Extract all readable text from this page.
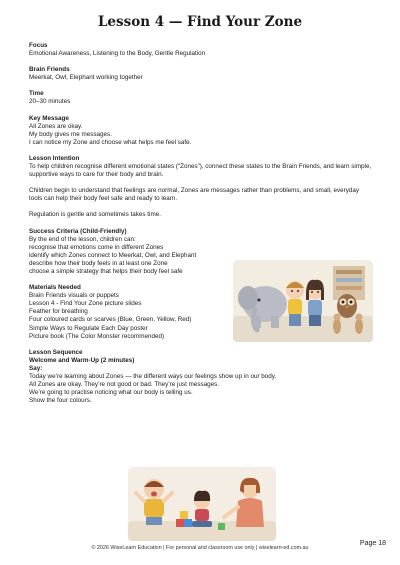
Lesson 4 — Find Your Zone
Focus
Emotional Awareness, Listening to the Body, Gentle Regulation
Brain Friends
Meerkat, Owl, Elephant working together
Time
20–30 minutes
Key Message
All Zones are okay.
My body gives me messages.
I can notice my Zone and choose what helps me feel safe.
Lesson Intention
To help children recognise different emotional states (“Zones”), connect these states to the Brain Friends, and learn simple, supportive ways to care for their body and brain.
Children begin to understand that feelings are normal, Zones are messages rather than problems, and small, everyday tools can help their body feel safe and ready to learn.
Regulation is gentle and sometimes takes time.
Success Criteria (Child-Friendly)
By the end of the lesson, children can:
recognise that emotions come in different Zones
identify which Zones connect to Meerkat, Owl, and Elephant
describe how their body feels in at least one Zone
choose a simple strategy that helps their body feel safe
Materials Needed
Brain Friends visuals or puppets
Lesson 4 - Find Your Zone picture slides
Feather for breathing
Four coloured cards or scarves (Blue, Green, Yellow, Red)
Simple Ways to Regulate Each Day poster
Picture book (The Color Monster recommended)
Lesson Sequence
Welcome and Warm-Up (2 minutes)
Say:
Today we’re learning about Zones — the different ways our feelings show up in our body.
All Zones are okay. They’re not good or bad. They’re just messages.
We’re going to practise noticing what our body is telling us.
Show the four colours.
© 2026 WiseLearn Education | For personal and classroom use only | wiselearn-ed.com.au
Page 18
